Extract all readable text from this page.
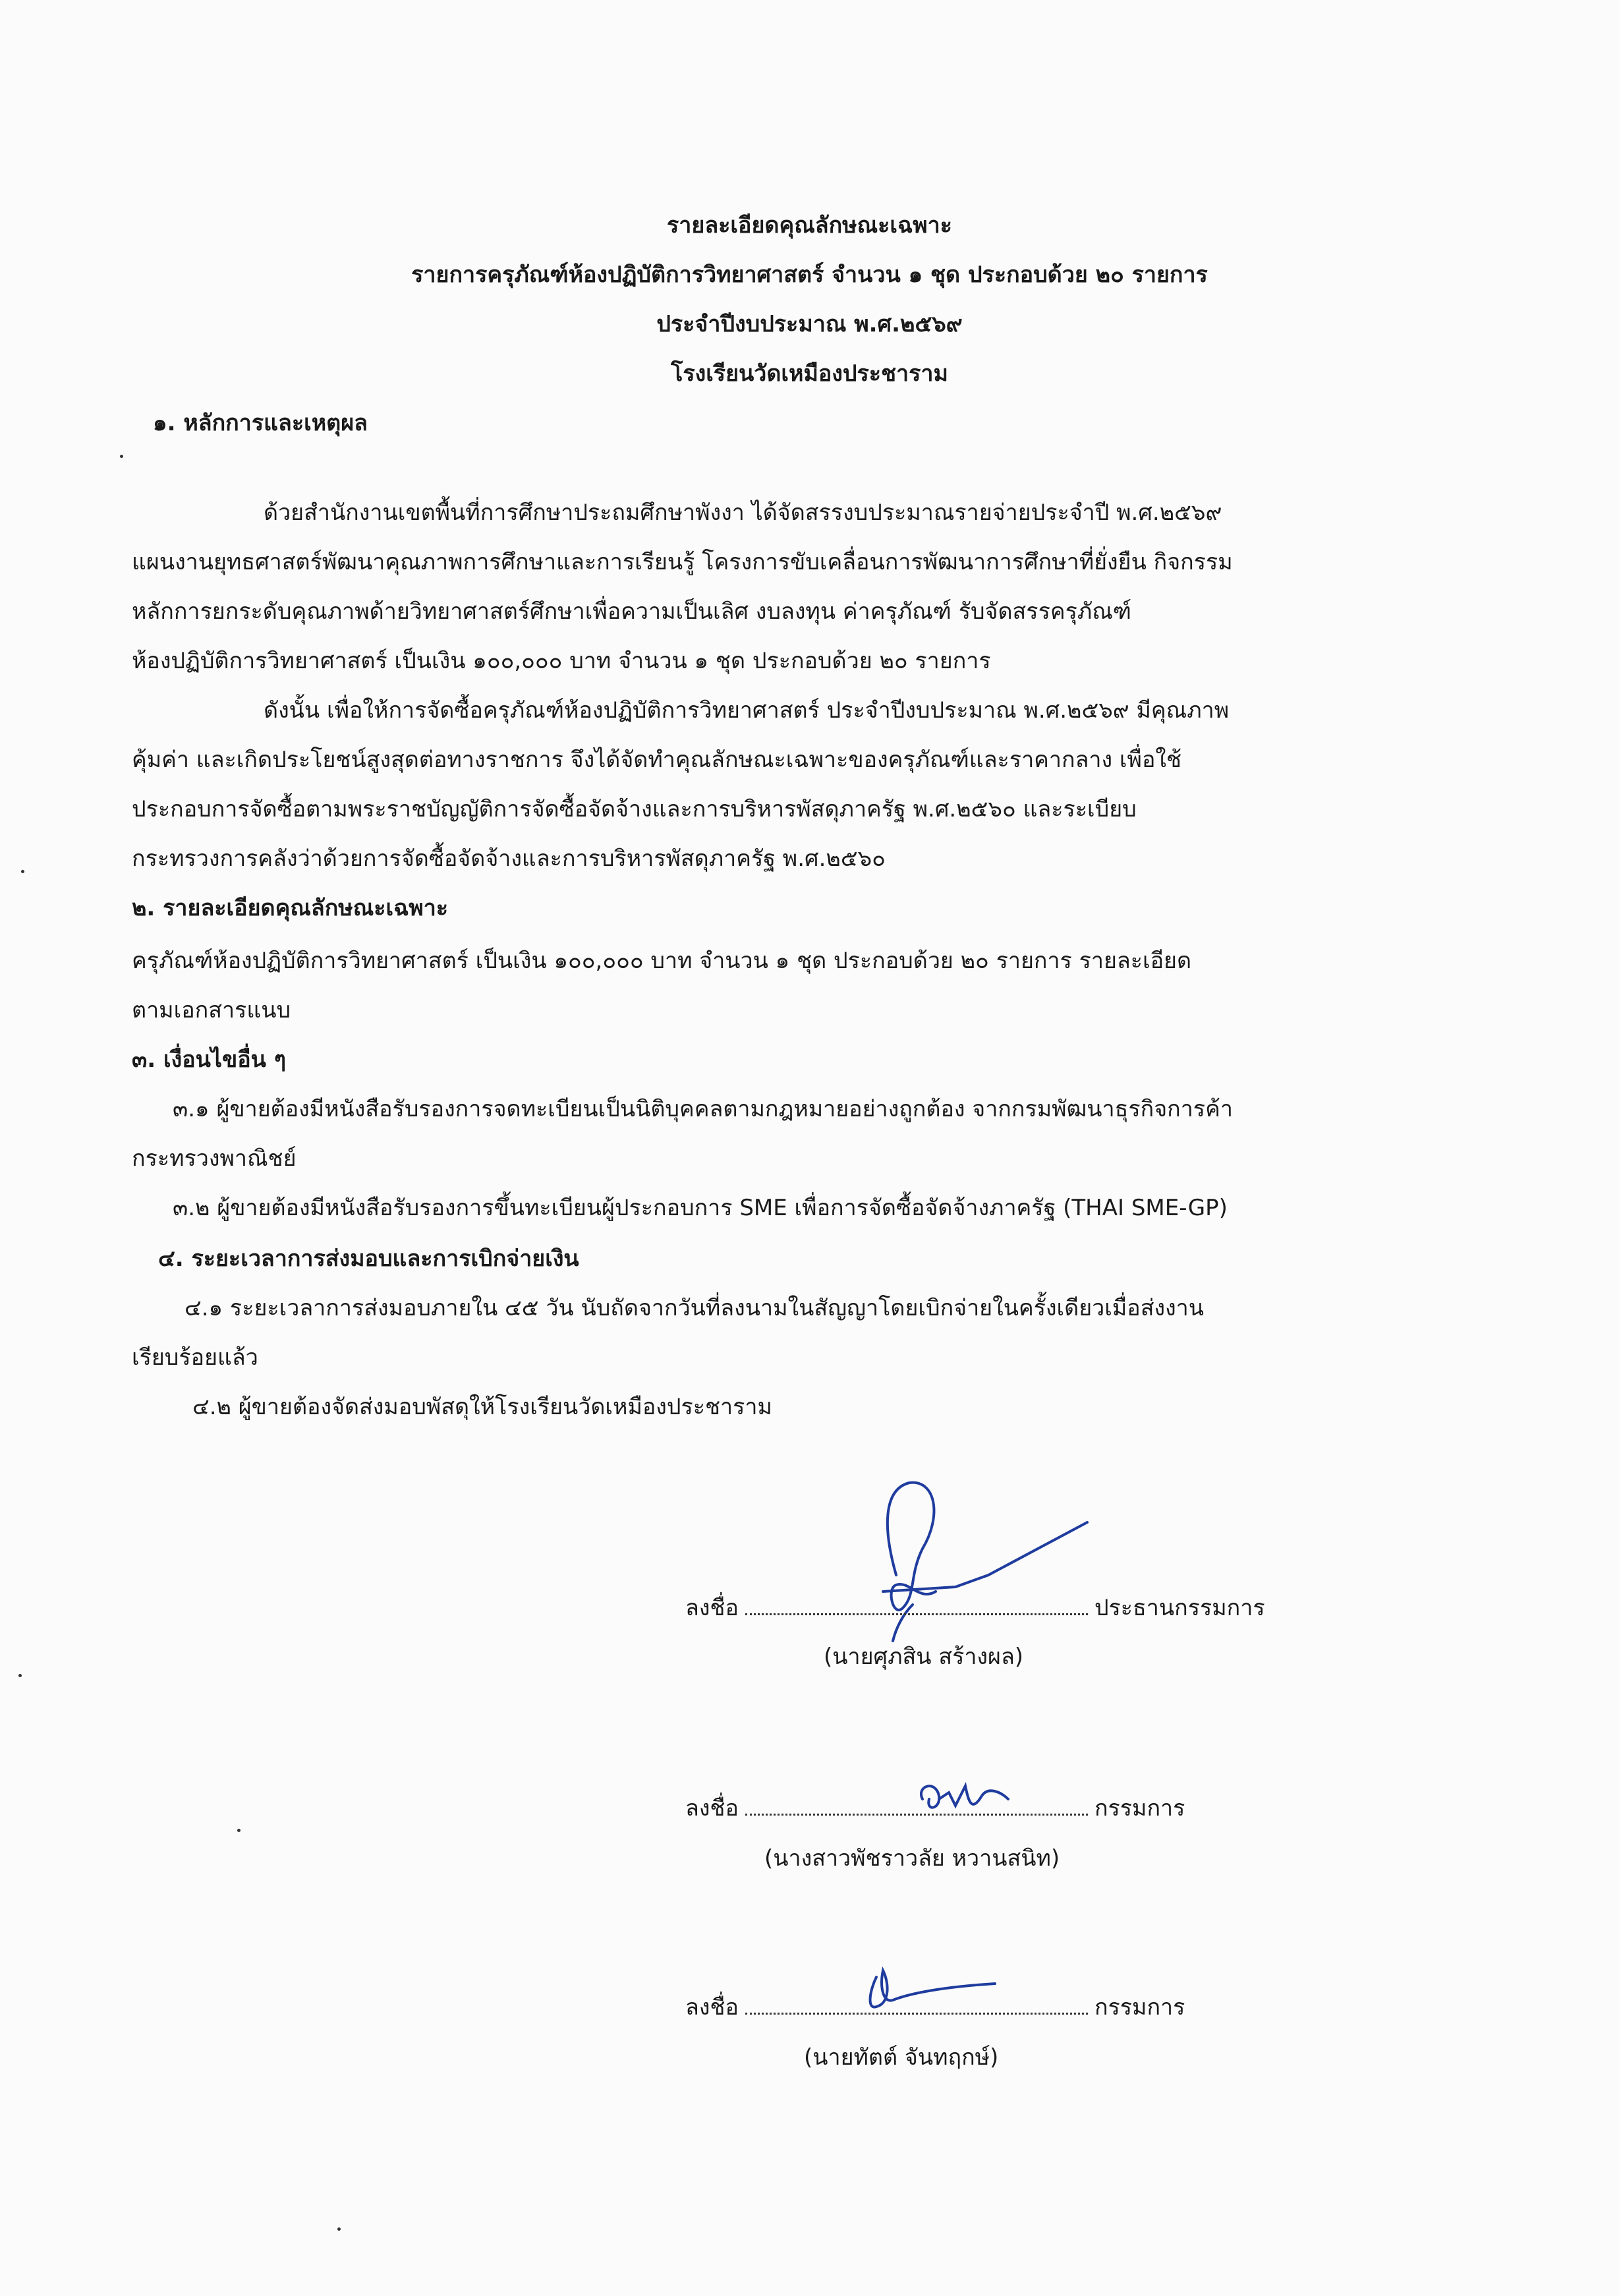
รายละเอียดคุณลักษณะเฉพาะ
รายการครุภัณฑ์ห้องปฏิบัติการวิทยาศาสตร์ จำนวน ๑ ชุด ประกอบด้วย ๒๐ รายการ
ประจำปีงบประมาณ พ.ศ.๒๕๖๙
โรงเรียนวัดเหมืองประชาราม
๑. หลักการและเหตุผล
ด้วยสำนักงานเขตพื้นที่การศึกษาประถมศึกษาพังงา ได้จัดสรรงบประมาณรายจ่ายประจำปี พ.ศ.๒๕๖๙
แผนงานยุทธศาสตร์พัฒนาคุณภาพการศึกษาและการเรียนรู้ โครงการขับเคลื่อนการพัฒนาการศึกษาที่ยั่งยืน กิจกรรม
หลักการยกระดับคุณภาพด้ายวิทยาศาสตร์ศึกษาเพื่อความเป็นเลิศ งบลงทุน ค่าครุภัณฑ์ รับจัดสรรครุภัณฑ์
ห้องปฏิบัติการวิทยาศาสตร์ เป็นเงิน ๑๐๐,๐๐๐ บาท จำนวน ๑ ชุด ประกอบด้วย ๒๐ รายการ
ดังนั้น เพื่อให้การจัดซื้อครุภัณฑ์ห้องปฏิบัติการวิทยาศาสตร์ ประจำปีงบประมาณ พ.ศ.๒๕๖๙ มีคุณภาพ
คุ้มค่า และเกิดประโยชน์สูงสุดต่อทางราชการ จึงได้จัดทำคุณลักษณะเฉพาะของครุภัณฑ์และราคากลาง เพื่อใช้
ประกอบการจัดซื้อตามพระราชบัญญัติการจัดซื้อจัดจ้างและการบริหารพัสดุภาครัฐ พ.ศ.๒๕๖๐ และระเบียบ
กระทรวงการคลังว่าด้วยการจัดซื้อจัดจ้างและการบริหารพัสดุภาครัฐ พ.ศ.๒๕๖๐
๒. รายละเอียดคุณลักษณะเฉพาะ
ครุภัณฑ์ห้องปฏิบัติการวิทยาศาสตร์ เป็นเงิน ๑๐๐,๐๐๐ บาท จำนวน ๑ ชุด ประกอบด้วย ๒๐ รายการ รายละเอียด
ตามเอกสารแนบ
๓. เงื่อนไขอื่น ๆ
๓.๑ ผู้ขายต้องมีหนังสือรับรองการจดทะเบียนเป็นนิติบุคคลตามกฎหมายอย่างถูกต้อง จากกรมพัฒนาธุรกิจการค้า
กระทรวงพาณิชย์
๓.๒ ผู้ขายต้องมีหนังสือรับรองการขึ้นทะเบียนผู้ประกอบการ SME เพื่อการจัดซื้อจัดจ้างภาครัฐ (THAI SME-GP)
๔. ระยะเวลาการส่งมอบและการเบิกจ่ายเงิน
๔.๑ ระยะเวลาการส่งมอบภายใน ๔๕ วัน นับถัดจากวันที่ลงนามในสัญญาโดยเบิกจ่ายในครั้งเดียวเมื่อส่งงาน
เรียบร้อยแล้ว
๔.๒ ผู้ขายต้องจัดส่งมอบพัสดุให้โรงเรียนวัดเหมืองประชาราม
ลงชื่อ	ประธานกรรมการ
(นายศุภสิน สร้างผล)
ลงชื่อ	กรรมการ
(นางสาวพัชราวลัย หวานสนิท)
ลงชื่อ	กรรมการ
(นายทัตต์ จันทฤกษ์)
